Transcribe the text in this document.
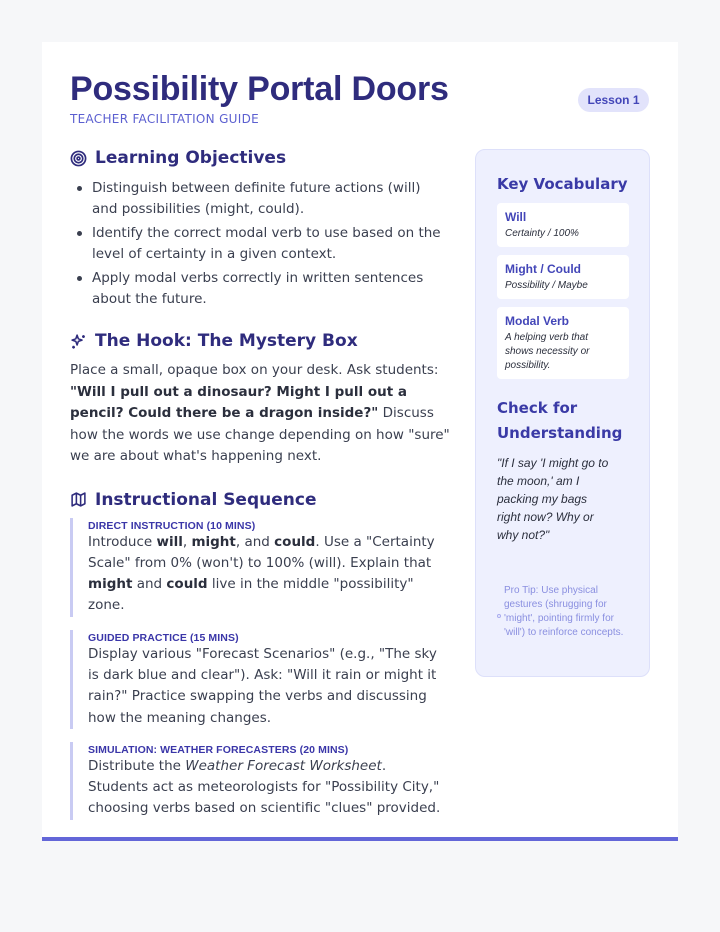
Possibility Portal Doors
TEACHER FACILITATION GUIDE
Lesson 1
Learning Objectives
Distinguish between definite future actions (will) and possibilities (might, could).
Identify the correct modal verb to use based on the level of certainty in a given context.
Apply modal verbs correctly in written sentences about the future.
The Hook: The Mystery Box

Place a small, opaque box on your desk. Ask students: "Will I pull out a dinosaur? Might I pull out a pencil? Could there be a dragon inside?" Discuss how the words we use change depending on how "sure" we are about what's happening next.

Instructional Sequence
DIRECT INSTRUCTION (10 MINS)
Introduce will, might, and could. Use a "Certainty Scale" from 0% (won't) to 100% (will). Explain that might and could live in the middle "possibility" zone.
GUIDED PRACTICE (15 MINS)
Display various "Forecast Scenarios" (e.g., "The sky is dark blue and clear"). Ask: "Will it rain or might it rain?" Practice swapping the verbs and discussing how the meaning changes.
SIMULATION: WEATHER FORECASTERS (20 MINS)
Distribute the Weather Forecast Worksheet. Students act as meteorologists for "Possibility City," choosing verbs based on scientific "clues" provided.
Key Vocabulary
Will
Certainty / 100%
Might / Could
Possibility / Maybe
Modal Verb
A helping verb that shows necessity or possibility.
Check for Understanding
"If I say 'I might go to the moon,' am I packing my bags right now? Why or why not?"
Pro Tip: Use physical gestures (shrugging for 'might', pointing firmly for 'will') to reinforce concepts.
